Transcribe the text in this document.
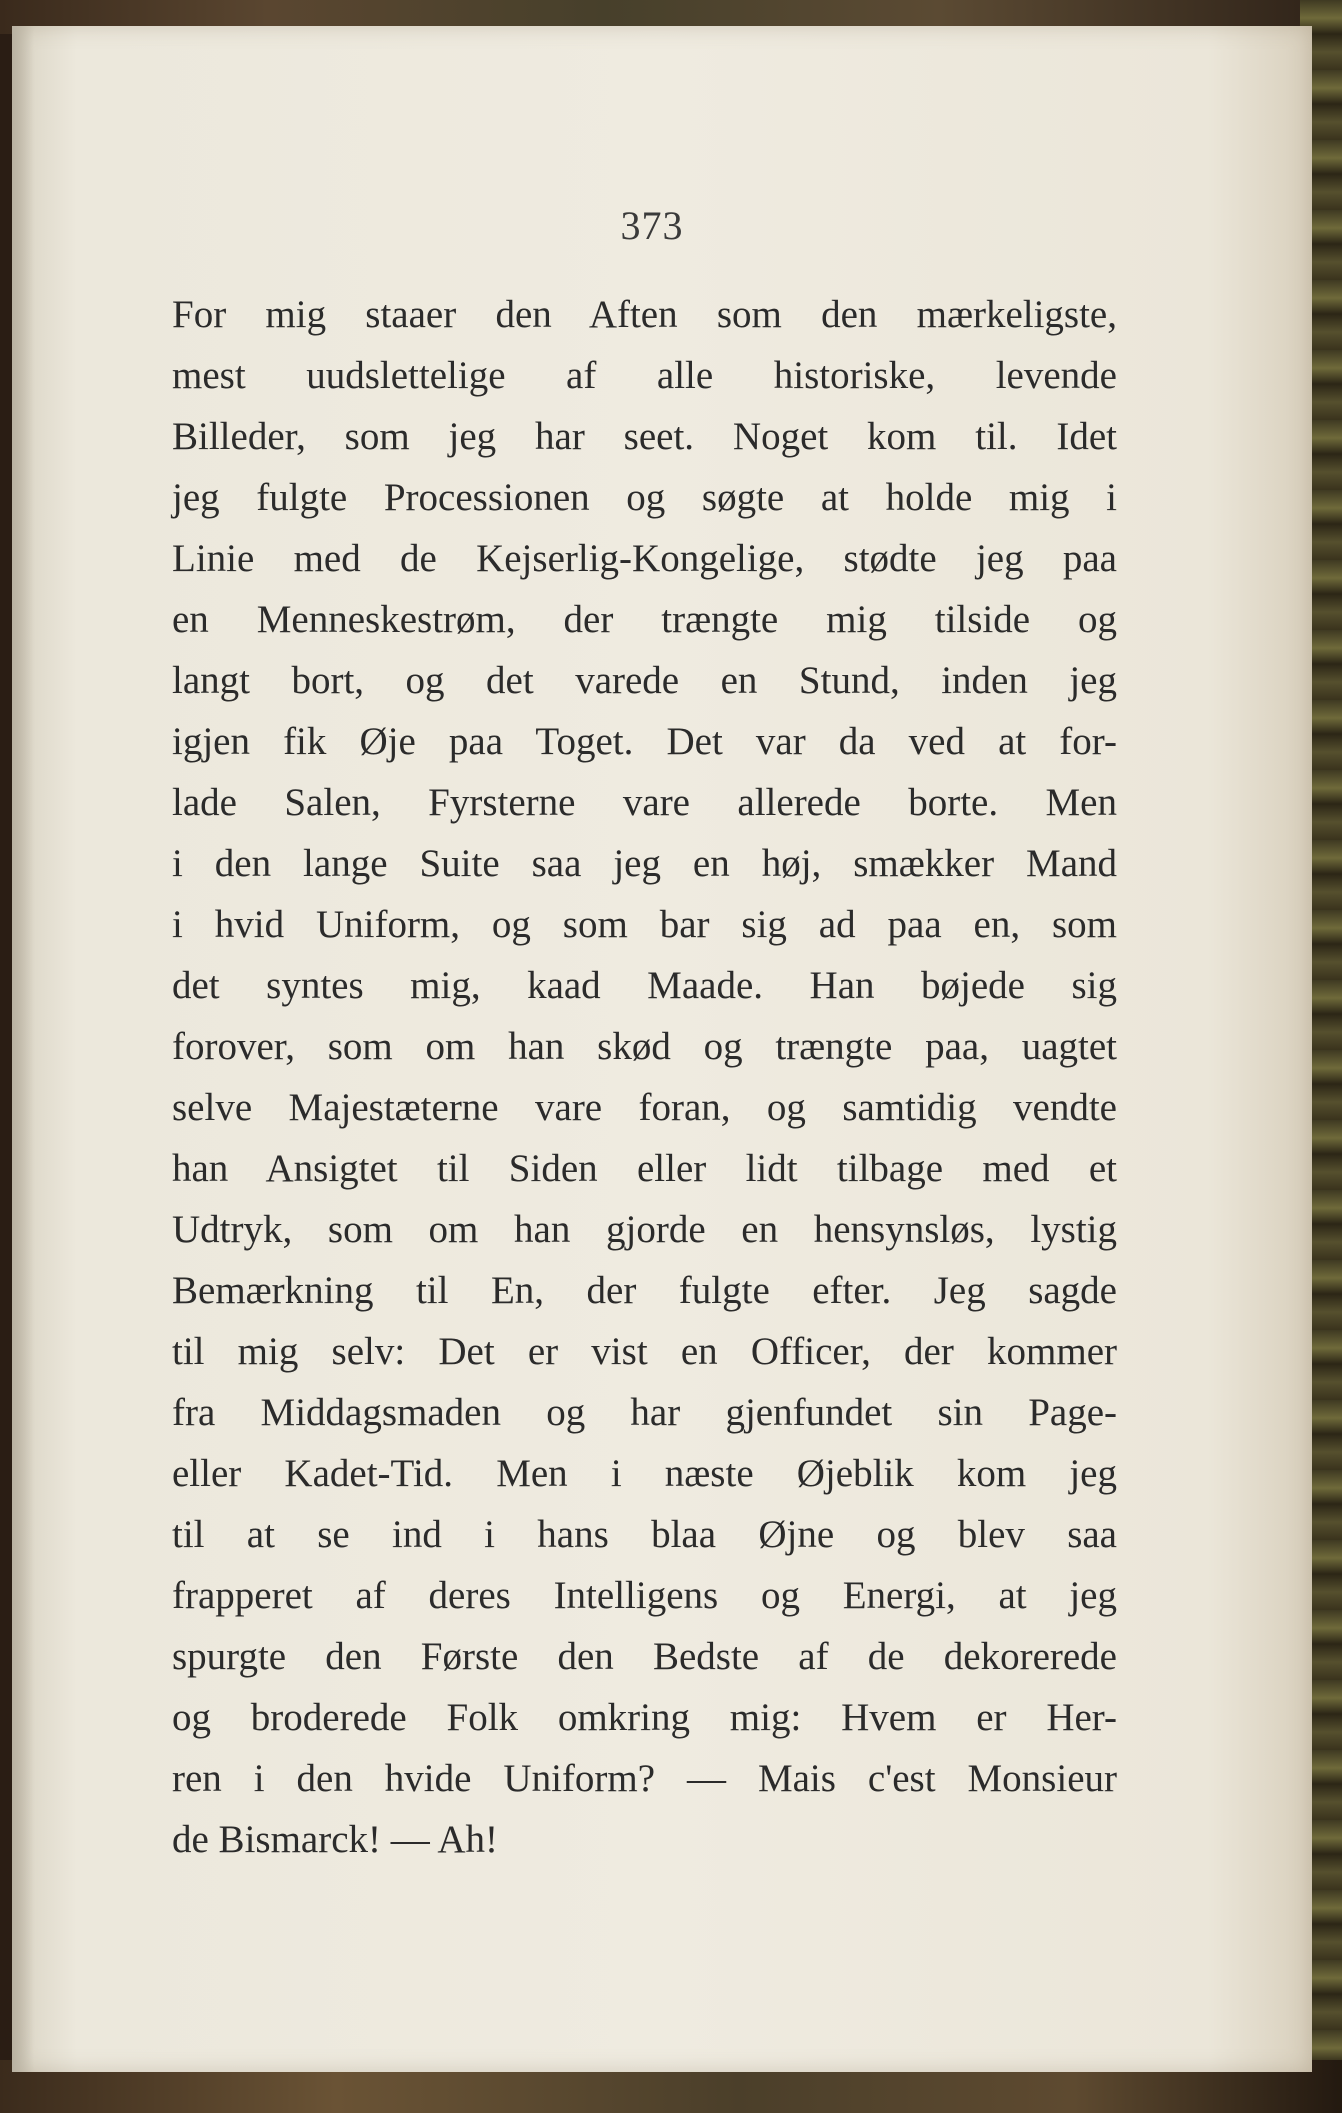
373
For mig staaer den Aften som den mærkeligste,
mest uudslettelige af alle historiske, levende
Billeder, som jeg har seet. Noget kom til. Idet
jeg fulgte Processionen og søgte at holde mig i
Linie med de Kejserlig-Kongelige, stødte jeg paa
en Menneskestrøm, der trængte mig tilside og
langt bort, og det varede en Stund, inden jeg
igjen fik Øje paa Toget. Det var da ved at for-
lade Salen, Fyrsterne vare allerede borte. Men
i den lange Suite saa jeg en høj, smækker Mand
i hvid Uniform, og som bar sig ad paa en, som
det syntes mig, kaad Maade. Han bøjede sig
forover, som om han skød og trængte paa, uagtet
selve Majestæterne vare foran, og samtidig vendte
han Ansigtet til Siden eller lidt tilbage med et
Udtryk, som om han gjorde en hensynsløs, lystig
Bemærkning til En, der fulgte efter. Jeg sagde
til mig selv: Det er vist en Officer, der kommer
fra Middagsmaden og har gjenfundet sin Page-
eller Kadet-Tid. Men i næste Øjeblik kom jeg
til at se ind i hans blaa Øjne og blev saa
frapperet af deres Intelligens og Energi, at jeg
spurgte den Første den Bedste af de dekorerede
og broderede Folk omkring mig: Hvem er Her-
ren i den hvide Uniform? — Mais c'est Monsieur
de Bismarck! — Ah!
